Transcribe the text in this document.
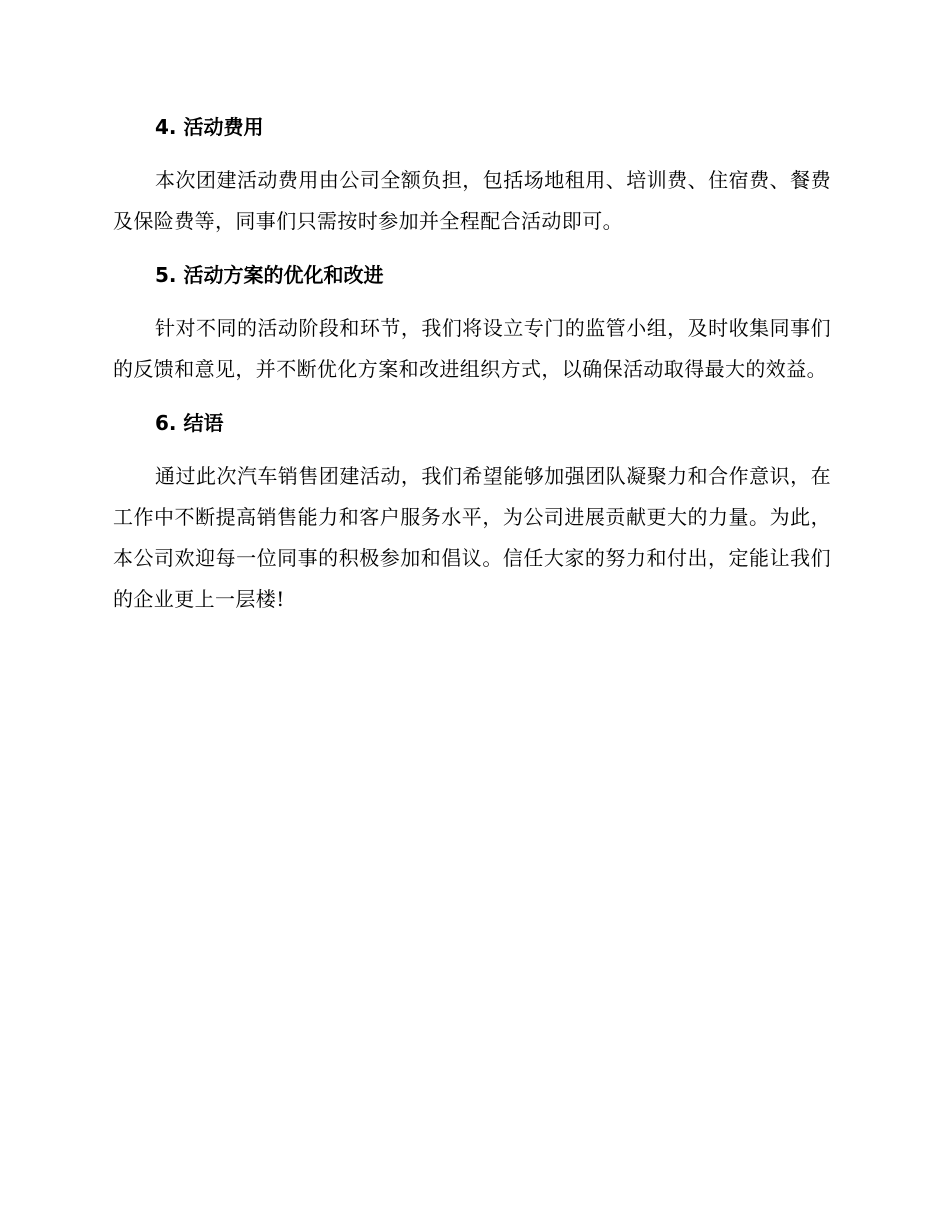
4. 活动费用

本次团建活动费用由公司全额负担，包括场地租用、培训费、住宿费、餐费及保险费等，同事们只需按时参加并全程配合活动即可。

5. 活动方案的优化和改进

针对不同的活动阶段和环节，我们将设立专门的监管小组，及时收集同事们的反馈和意见，并不断优化方案和改进组织方式，以确保活动取得最大的效益。

6. 结语

通过此次汽车销售团建活动，我们希望能够加强团队凝聚力和合作意识，在工作中不断提高销售能力和客户服务水平，为公司进展贡献更大的力量。为此，本公司欢迎每一位同事的积极参加和倡议。信任大家的努力和付出，定能让我们的企业更上一层楼!
